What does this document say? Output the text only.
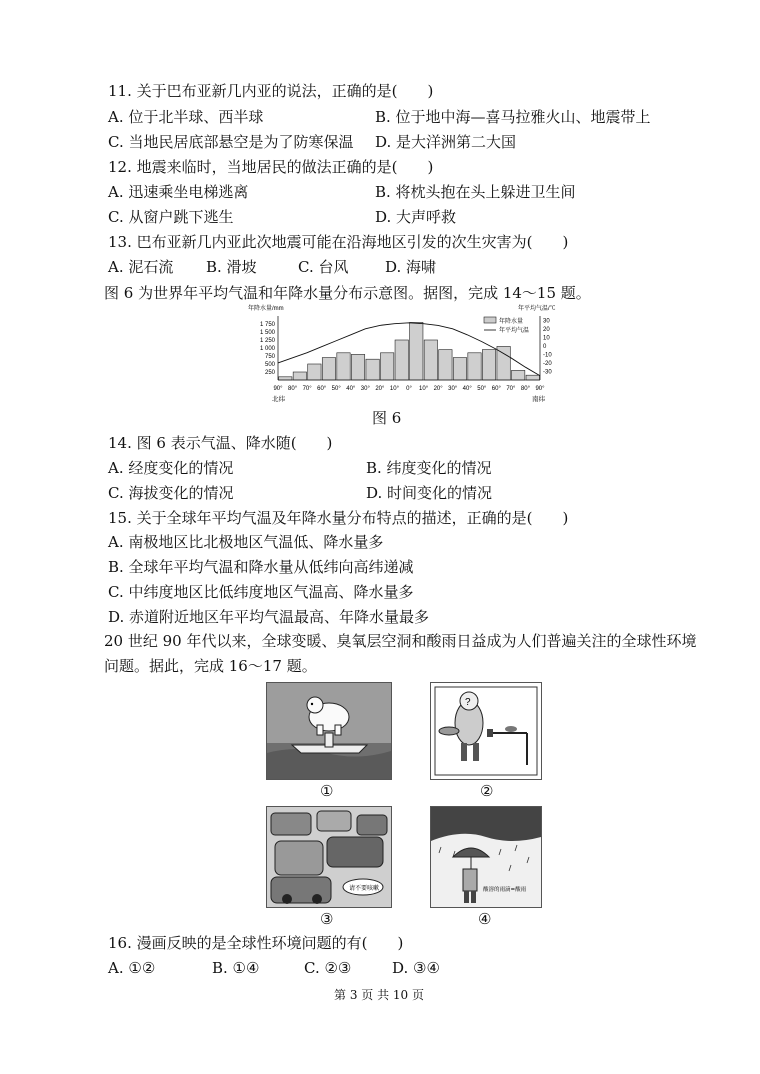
11. 关于巴布亚新几内亚的说法，正确的是(　　)
A. 位于北半球、西半球	B. 位于地中海—喜马拉雅火山、地震带上
C. 当地民居底部悬空是为了防寒保温 D. 是大洋洲第二大国
12. 地震来临时，当地居民的做法正确的是(　　)
A. 迅速乘坐电梯逃离	B. 将枕头抱在头上躲进卫生间
C. 从窗户跳下逃生	D. 大声呼救
13. 巴布亚新几内亚此次地震可能在沿海地区引发的次生灾害为(　　)
A. 泥石流 B. 滑坡	C. 台风 D. 海啸
图 6 为世界年平均气温和年降水量分布示意图。据图，完成 14～15 题。
年降水量/mm	年平均气温/℃
年降水量
年平均气温
1 750
1 500
1 250
1 000
750
500
250
30
20
10
0
-10
-20
-30
90° 80° 70° 60° 50° 40° 30° 20° 10° 0° 10° 20° 30° 40° 50° 60° 70° 80° 90°
北纬	南纬
图 6
14. 图 6 表示气温、降水随(　　)
A. 经度变化的情况	B. 纬度变化的情况
C. 海拔变化的情况	D. 时间变化的情况
15. 关于全球年平均气温及年降水量分布特点的描述，正确的是(　　)
A. 南极地区比北极地区气温低、降水量多
B. 全球年平均气温和降水量从低纬向高纬递减
C. 中纬度地区比低纬度地区气温高、降水量多
D. 赤道附近地区年平均气温最高、年降水量最多
20 世纪 90 年代以来，全球变暖、臭氧层空洞和酸雨日益成为人们普遍关注的全球性环境
问题。据此，完成 16～17 题。
①
?
②
请不要咳嗽
③
酸溶的雨滴=酸雨
④
16. 漫画反映的是全球性环境问题的有(　　)
A. ①②	B. ①④	C. ②③	D. ③④
第 3 页 共 10 页
